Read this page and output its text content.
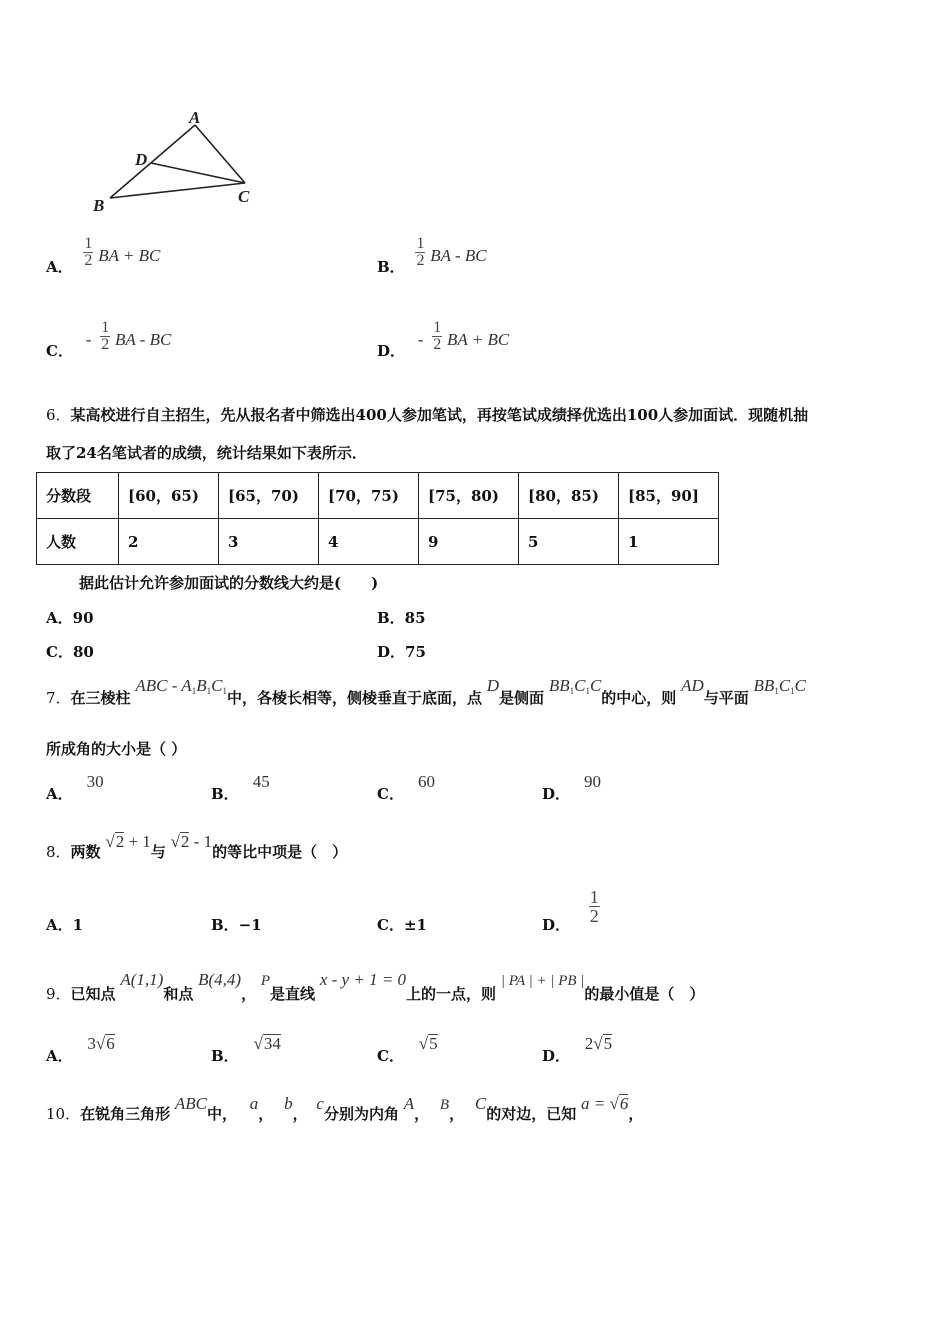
A
D
B	C
A． $\frac{1}{2}$ BA + BC
B． $\frac{1}{2}$ BA - BC
C． - $\frac{1}{2}$ BA - BC
D． - $\frac{1}{2}$ BA + BC
6．某高校进行自主招生，先从报名者中筛选出400人参加笔试，再按笔试成绩择优选出100人参加面试．现随机抽
取了24名笔试者的成绩，统计结果如下表所示．
分数段	[60，65)	[65，70)	[70，75)	[75，80)	[80，85)	[85，90]
人数	2	3	4	9	5	1
据此估计允许参加面试的分数线大约是(　　)
A．90	B．85
C．80	D．75
7．在三棱柱 ABC - $A_1B_1C_1$中，各棱长相等，侧棱垂直于底面，点 D是侧面 $BB_1C_1C$的中心，则 AD与平面 $BB_1C_1C$
所成角的大小是（ ）
A．30
B．45
C．60
D．90
8．两数 √2 + 1与 √2 - 1的等比中项是（　）
A．1	B．−1	C．±1	D． $\frac{1}{2}$
9．已知点 A(1,1)和点 B(4,4)， P是直线 x - y + 1 = 0上的一点，则 | PA | + | PB |的最小值是（　）
A． 3√6
B． √34
C． √5
D． 2√5
10．在锐角三角形 ABC中， a， b， c分别为内角 A， B， C的对边，已知 a = √6，
